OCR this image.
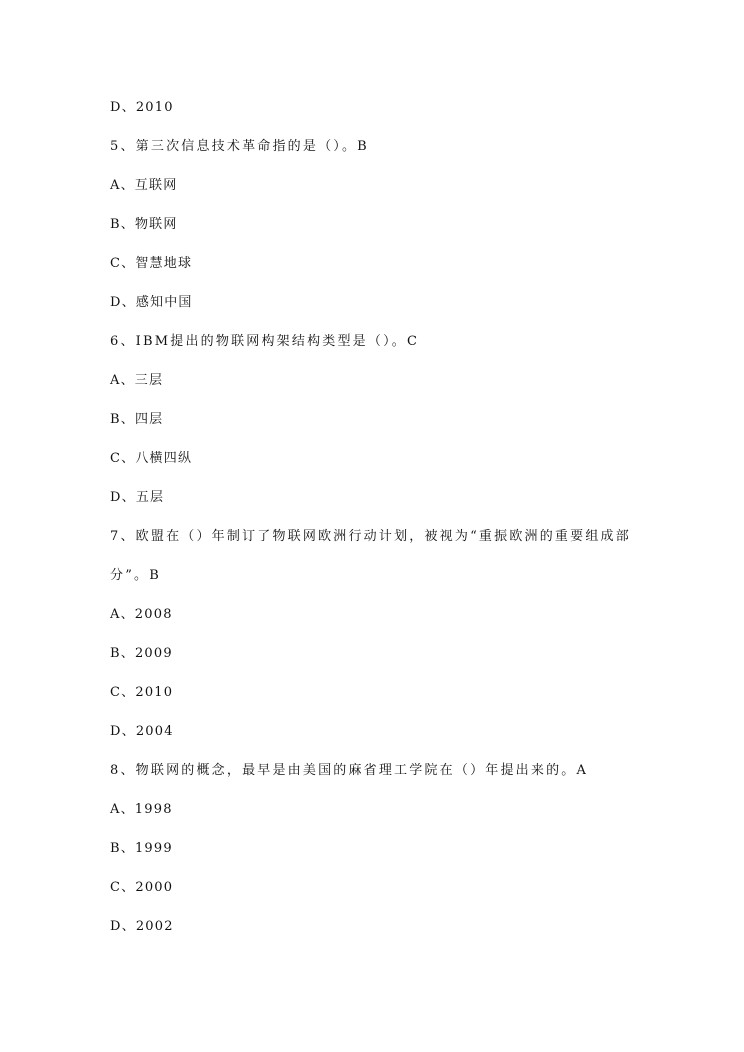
D、2010
5、第三次信息技术革命指的是（）。B
A、互联网
B、物联网
C、智慧地球
D、感知中国
6、IBM提出的物联网构架结构类型是（）。C
A、三层
B、四层
C、八横四纵
D、五层
7、欧盟在（）年制订了物联网欧洲行动计划，被视为“重振欧洲的重要组成部
分”。B
A、2008
B、2009
C、2010
D、2004
8、物联网的概念，最早是由美国的麻省理工学院在（）年提出来的。A
A、1998
B、1999
C、2000
D、2002
